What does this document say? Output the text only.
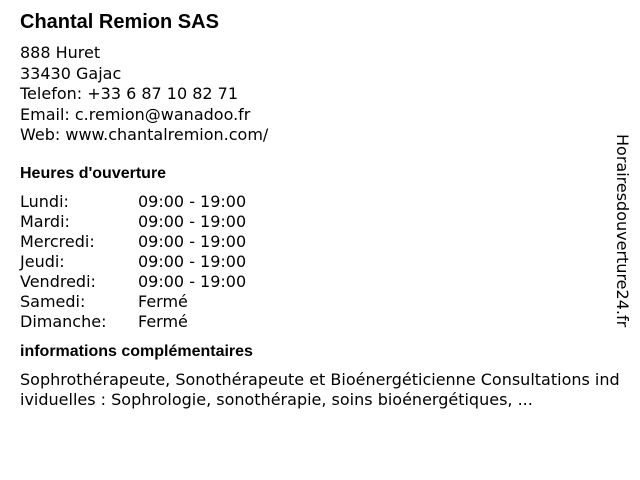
Chantal Remion SAS
888 Huret
33430 Gajac
Telefon: +33 6 87 10 82 71
Email: c.remion@wanadoo.fr
Web: www.chantalremion.com/
Heures d'ouverture
Lundi:	09:00 - 19:00
Mardi:	09:00 - 19:00
Mercredi:	09:00 - 19:00
Jeudi:	09:00 - 19:00
Vendredi:	09:00 - 19:00
Samedi:	Fermé
Dimanche:	Fermé
informations complémentaires
Sophrothérapeute, Sonothérapeute et Bioénergéticienne Consultations individuelles : Sophrologie, sonothérapie, soins bioénergétiques, ...
Horairesdouverture24.fr
